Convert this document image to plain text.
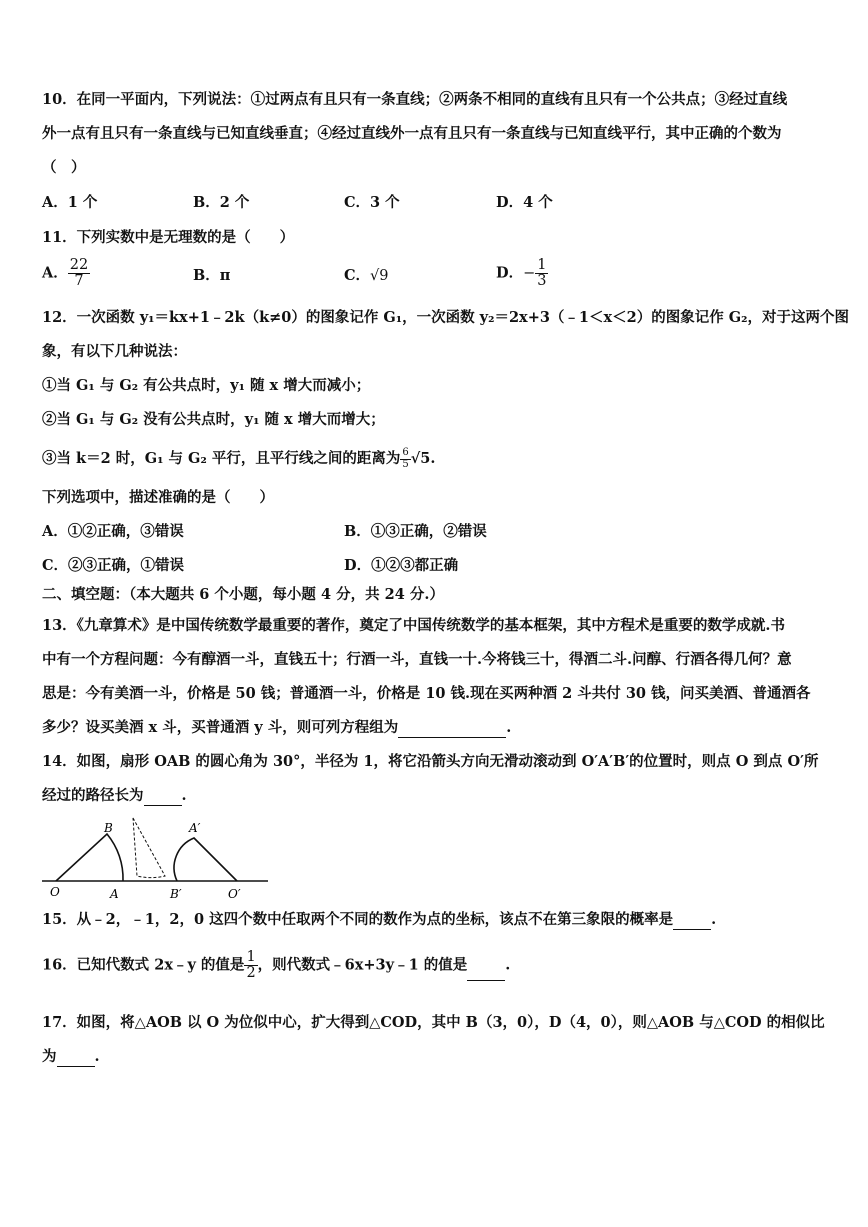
10．在同一平面内，下列说法：①过两点有且只有一条直线；②两条不相同的直线有且只有一个公共点；③经过直线
外一点有且只有一条直线与已知直线垂直；④经过直线外一点有且只有一条直线与已知直线平行，其中正确的个数为
（　）
A．1 个	B．2 个	C．3 个	D．4 个
11．下列实数中是无理数的是（　　）
A． $\frac{22}{7}$	B．π	C．√9	D．− $\frac{1}{3}$
12．一次函数 y₁＝kx+1﹣2k（k≠0）的图象记作 G₁，一次函数 y₂＝2x+3（﹣1＜x＜2）的图象记作 G₂，对于这两个图
象，有以下几种说法：
①当 G₁ 与 G₂ 有公共点时，y₁ 随 x 增大而减小；
②当 G₁ 与 G₂ 没有公共点时，y₁ 随 x 增大而增大；
③当 k＝2 时，G₁ 与 G₂ 平行，且平行线之间的距离为 $\frac{6}{5} √5$.
下列选项中，描述准确的是（　　）
A．①②正确，③错误	B．①③正确，②错误
C．②③正确，①错误	D．①②③都正确
二、填空题：（本大题共 6 个小题，每小题 4 分，共 24 分.）
13．《九章算术》是中国传统数学最重要的著作，奠定了中国传统数学的基本框架，其中方程术是重要的数学成就.书
中有一个方程问题：今有醇酒一斗，直钱五十；行酒一斗，直钱一十.今将钱三十，得酒二斗.问醇、行酒各得几何？意
思是：今有美酒一斗，价格是 50 钱；普通酒一斗，价格是 10 钱.现在买两种酒 2 斗共付 30 钱，问买美酒、普通酒各
多少？设买美酒 x 斗，买普通酒 y 斗，则可列方程组为	.
14．如图，扇形 OAB 的圆心角为 30°，半径为 1，将它沿箭头方向无滑动滚动到 O′A′B′的位置时，则点 O 到点 O′所
经过的路径长为	.
B	A′
O	A	B′	O′
15．从﹣2，﹣1，2，0 这四个数中任取两个不同的数作为点的坐标，该点不在第三象限的概率是	.
16．已知代数式 2x﹣y 的值是 $\frac{1}{2}$ ，则代数式﹣6x+3y﹣1 的值是	.
17．如图，将△AOB 以 O 为位似中心，扩大得到△COD，其中 B（3，0），D（4，0），则△AOB 与△COD 的相似比
为	.
